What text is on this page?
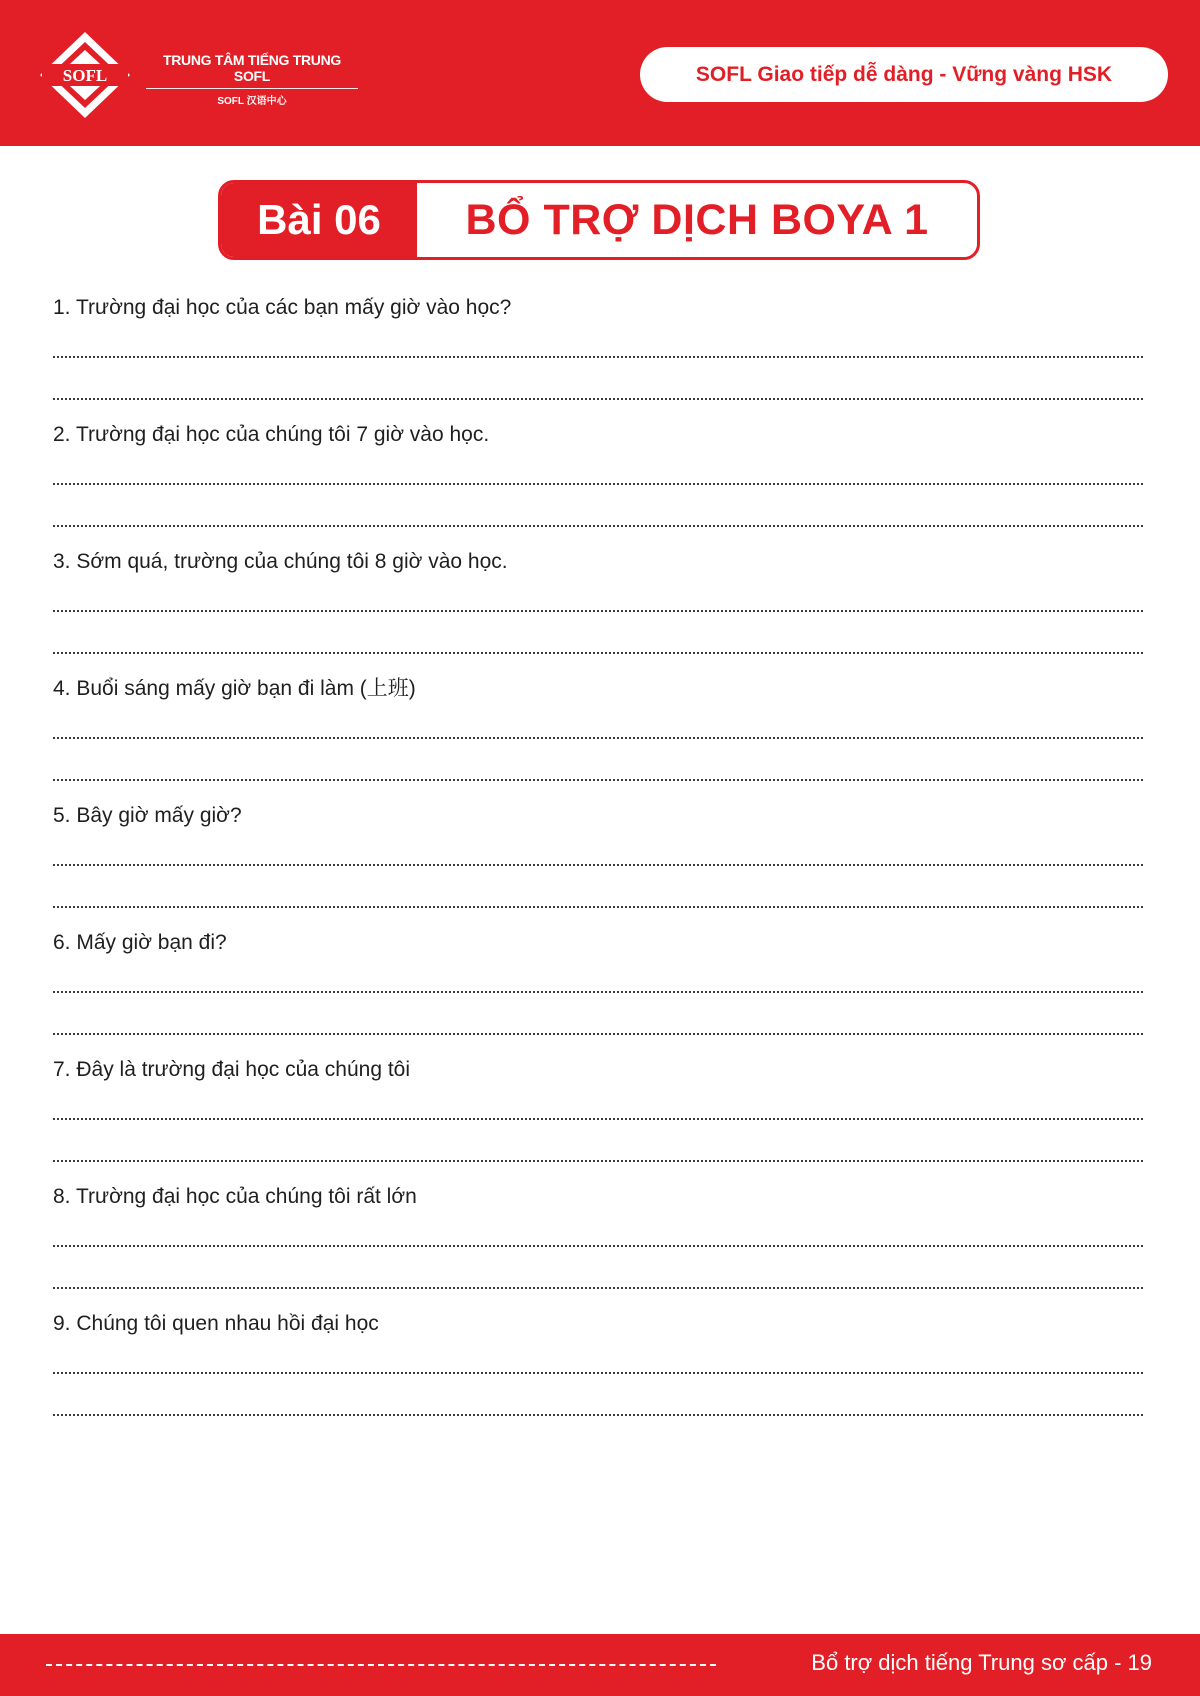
SOFL
TRUNG TÂM TIẾNG TRUNG SOFL
SOFL 汉语中心
SOFL Giao tiếp dễ dàng - Vững vàng HSK
Bài 06	BỔ TRỢ DỊCH BOYA 1
1. Trường đại học của các bạn mấy giờ vào học?
2. Trường đại học của chúng tôi 7 giờ vào học.
3. Sớm quá, trường của chúng tôi 8 giờ vào học.
4. Buổi sáng mấy giờ bạn đi làm (上班)
5. Bây giờ mấy giờ?
6. Mấy giờ bạn đi?
7. Đây là trường đại học của chúng tôi
8. Trường đại học của chúng tôi rất lớn
9. Chúng tôi quen nhau hồi đại học
Bổ trợ dịch tiếng Trung sơ cấp - 19
